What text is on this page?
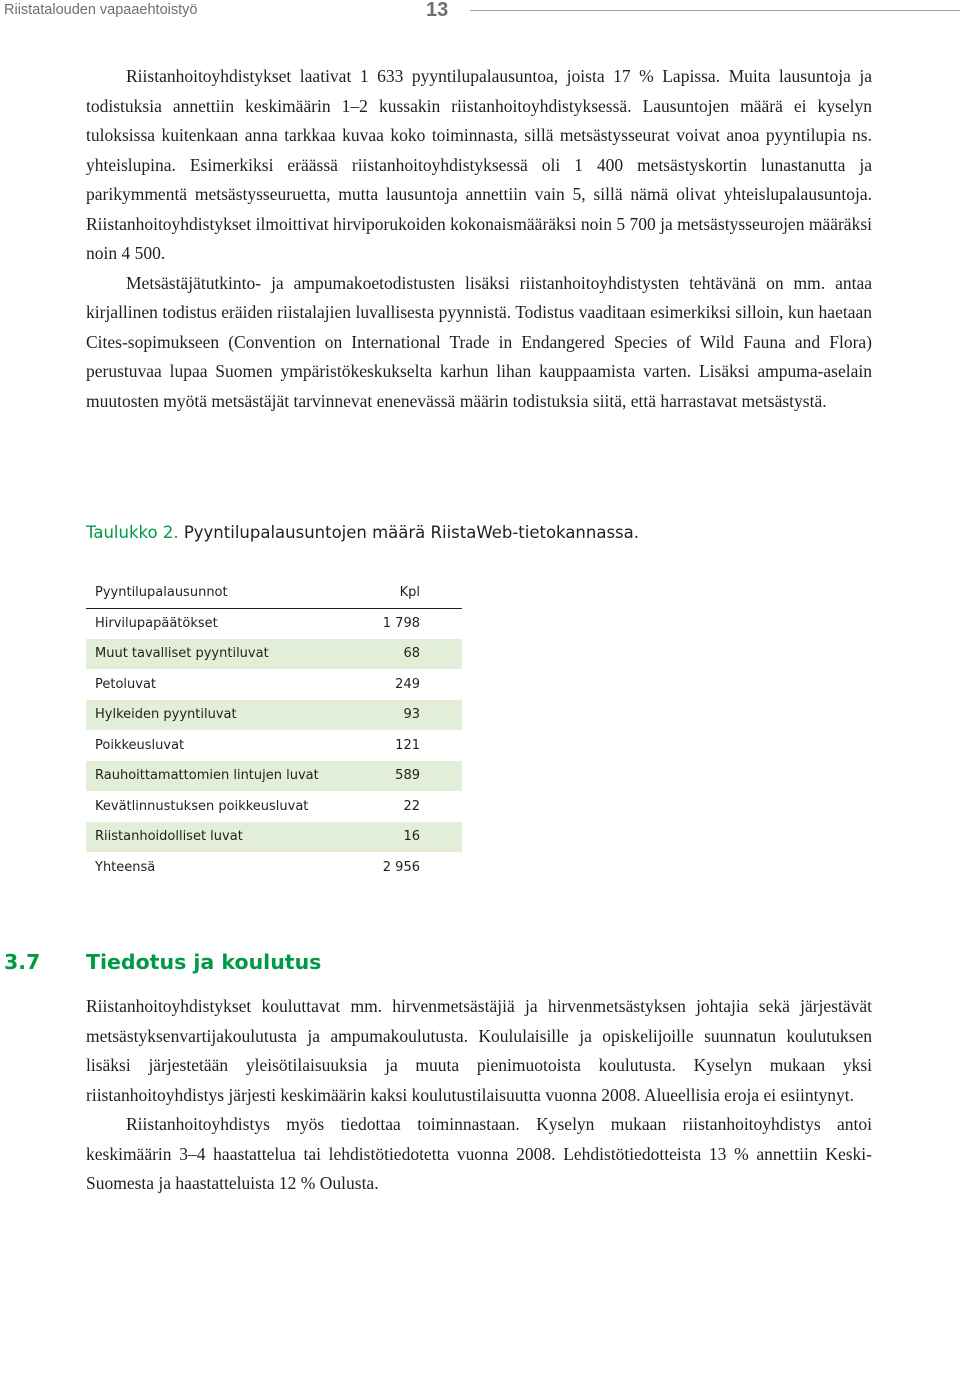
Riistatalouden vapaaehtoistyö	13

Riistanhoitoyhdistykset laativat 1 633 pyyntilupalausuntoa, joista 17 % Lapissa. Muita lausuntoja ja todistuksia annettiin keskimäärin 1–2 kussakin riistanhoitoyhdistyksessä. Lausuntojen määrä ei kyselyn tuloksissa kuitenkaan anna tarkkaa kuvaa koko toiminnasta, sillä metsästysseurat voivat anoa pyyntilupia ns. yhteislupina. Esimerkiksi eräässä riistanhoitoyhdistyksessä oli 1 400 metsästyskortin lunastanutta ja parikymmentä metsästysseuruetta, mutta lausuntoja annettiin vain 5, sillä nämä olivat yhteislupalausuntoja. Riistanhoitoyhdistykset ilmoittivat hirviporukoiden kokonaismääräksi noin 5 700 ja metsästysseurojen määräksi noin 4 500.

Metsästäjätutkinto- ja ampumakoetodistusten lisäksi riistanhoitoyhdistysten tehtävänä on mm. antaa kirjallinen todistus eräiden riistalajien luvallisesta pyynnistä. Todistus vaaditaan esimerkiksi silloin, kun haetaan Cites-sopimukseen (Convention on International Trade in Endangered Species of Wild Fauna and Flora) perustuvaa lupaa Suomen ympäristökeskukselta karhun lihan kauppaamista varten. Lisäksi ampuma-aselain muutosten myötä metsästäjät tarvinnevat enenevässä määrin todistuksia siitä, että harrastavat metsästystä.

Taulukko 2. Pyyntilupalausuntojen määrä RiistaWeb-tietokannassa.

Pyyntilupalausunnot	Kpl
Hirvilupapäätökset	1 798
Muut tavalliset pyyntiluvat	68
Petoluvat	249
Hylkeiden pyyntiluvat	93
Poikkeusluvat	121
Rauhoittamattomien lintujen luvat	589
Kevätlinnustuksen poikkeusluvat	22
Riistanhoidolliset luvat	16
Yhteensä	2 956
3.7 Tiedotus ja koulutus

Riistanhoitoyhdistykset kouluttavat mm. hirvenmetsästäjiä ja hirvenmetsästyksen johtajia sekä järjestävät metsästyksenvartijakoulutusta ja ampumakoulutusta. Koululaisille ja opiskelijoille suunnatun koulutuksen lisäksi järjestetään yleisötilaisuuksia ja muuta pienimuotoista koulutusta. Kyselyn mukaan yksi riistanhoitoyhdistys järjesti keskimäärin kaksi koulutustilaisuutta vuonna 2008. Alueellisia eroja ei esiintynyt.

Riistanhoitoyhdistys myös tiedottaa toiminnastaan. Kyselyn mukaan riistanhoitoyhdistys antoi keskimäärin 3–4 haastattelua tai lehdistötiedotetta vuonna 2008. Lehdistötiedotteista 13 % annettiin Keski-Suomesta ja haastatteluista 12 % Oulusta.
